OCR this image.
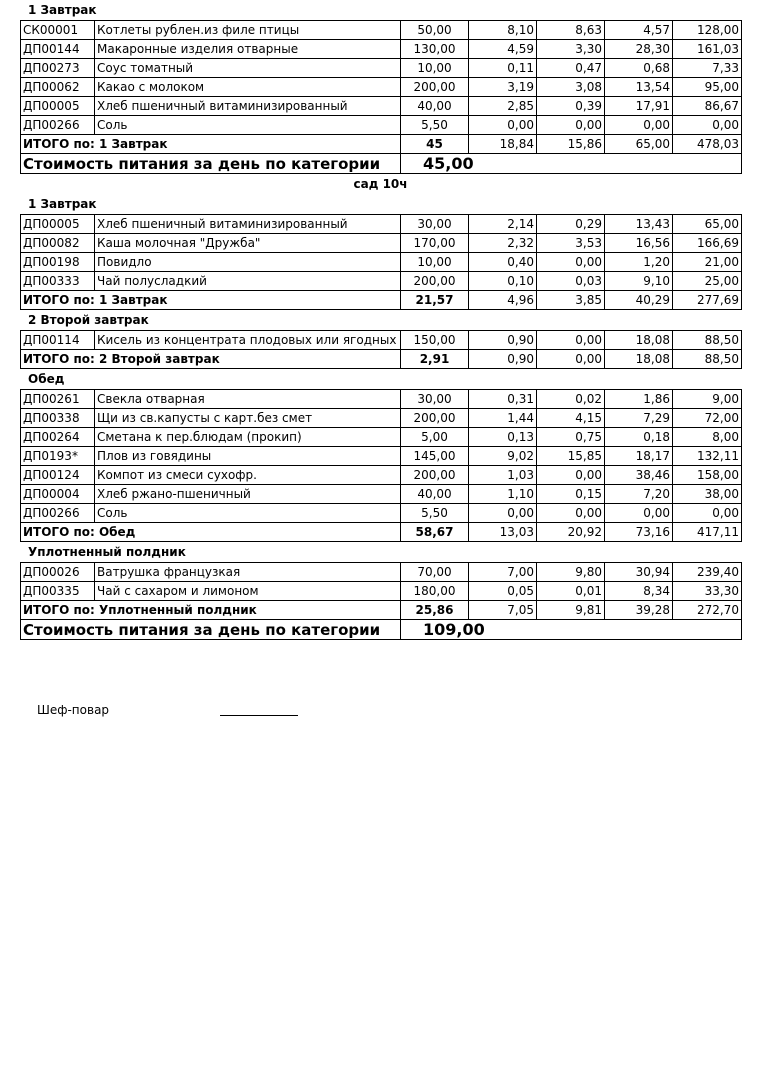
1 Завтрак
СК00001	Котлеты рублен.из филе птицы	50,00	8,10	8,63	4,57	128,00
ДП00144	Макаронные изделия отварные	130,00	4,59	3,30	28,30	161,03
ДП00273	Соус томатный	10,00	0,11	0,47	0,68	7,33
ДП00062	Какао с молоком	200,00	3,19	3,08	13,54	95,00
ДП00005	Хлеб пшеничный витаминизированный	40,00	2,85	0,39	17,91	86,67
ДП00266	Соль	5,50	0,00	0,00	0,00	0,00
ИТОГО по: 1 Завтрак		45	18,84	15,86	65,00	478,03
Стоимость питания за день по категории		45,00				
сад 10ч
1 Завтрак
ДП00005	Хлеб пшеничный витаминизированный	30,00	2,14	0,29	13,43	65,00
ДП00082	Каша молочная "Дружба"	170,00	2,32	3,53	16,56	166,69
ДП00198	Повидло	10,00	0,40	0,00	1,20	21,00
ДП00333	Чай полусладкий	200,00	0,10	0,03	9,10	25,00
ИТОГО по: 1 Завтрак		21,57	4,96	3,85	40,29	277,69
2 Второй завтрак
ДП00114	Кисель из концентрата плодовых или ягодных	150,00	0,90	0,00	18,08	88,50
ИТОГО по: 2 Второй завтрак		2,91	0,90	0,00	18,08	88,50
Обед
ДП00261	Свекла отварная	30,00	0,31	0,02	1,86	9,00
ДП00338	Щи из св.капусты с карт.без смет	200,00	1,44	4,15	7,29	72,00
ДП00264	Сметана к пер.блюдам (прокип)	5,00	0,13	0,75	0,18	8,00
ДП0193*	Плов из говядины	145,00	9,02	15,85	18,17	132,11
ДП00124	Компот из смеси сухофр.	200,00	1,03	0,00	38,46	158,00
ДП00004	Хлеб ржано-пшеничный	40,00	1,10	0,15	7,20	38,00
ДП00266	Соль	5,50	0,00	0,00	0,00	0,00
ИТОГО по: Обед		58,67	13,03	20,92	73,16	417,11
Уплотненный полдник
ДП00026	Ватрушка французкая	70,00	7,00	9,80	30,94	239,40
ДП00335	Чай с сахаром и лимоном	180,00	0,05	0,01	8,34	33,30
ИТОГО по: Уплотненный полдник		25,86	7,05	9,81	39,28	272,70
Стоимость питания за день по категории		109,00				
Шеф-повар
